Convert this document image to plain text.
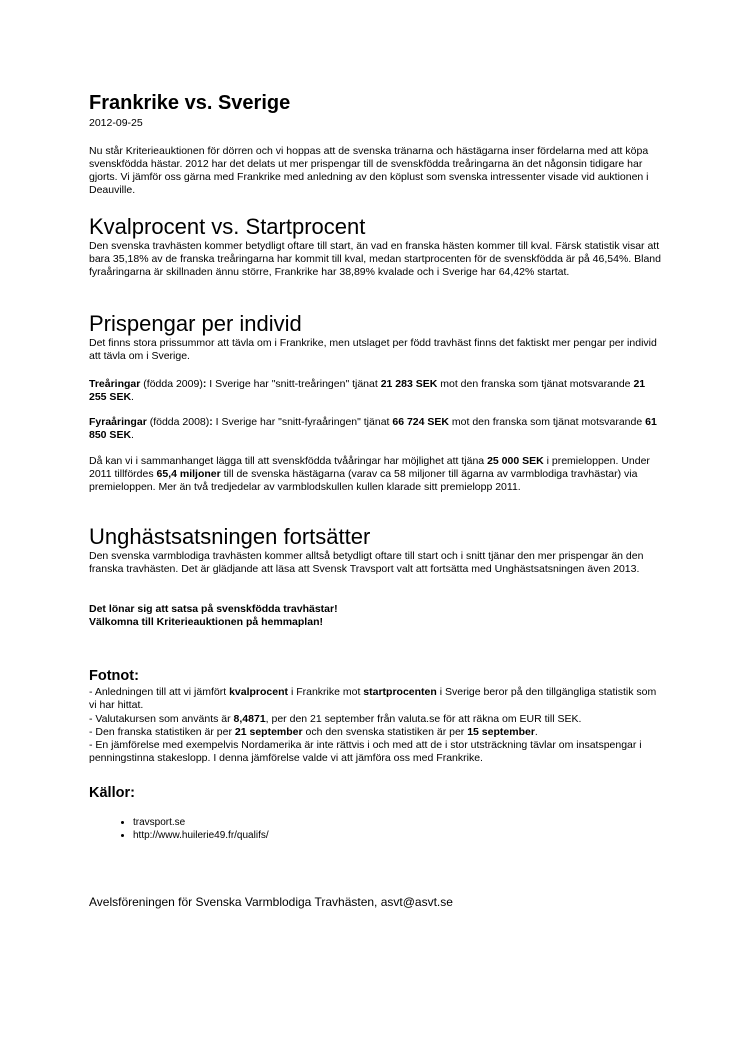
Frankrike vs. Sverige
2012-09-25

Nu står Kriterieauktionen för dörren och vi hoppas att de svenska tränarna och hästägarna inser fördelarna med att köpa svenskfödda hästar. 2012 har det delats ut mer prispengar till de svenskfödda treåringarna än det någonsin tidigare har gjorts. Vi jämför oss gärna med Frankrike med anledning av den köplust som svenska intressenter visade vid auktionen i Deauville.

Kvalprocent vs. Startprocent

Den svenska travhästen kommer betydligt oftare till start, än vad en franska hästen kommer till kval. Färsk statistik visar att bara 35,18% av de franska treåringarna har kommit till kval, medan startprocenten för de svenskfödda är på 46,54%. Bland fyraåringarna är skillnaden ännu större, Frankrike har 38,89% kvalade och i Sverige har 64,42% startat.

Prispengar per individ

Det finns stora prissummor att tävla om i Frankrike, men utslaget per född travhäst finns det faktiskt mer pengar per individ att tävla om i Sverige.

Treåringar (födda 2009): I Sverige har "snitt-treåringen" tjänat 21 283 SEK mot den franska som tjänat motsvarande 21 255 SEK.

Fyraåringar (födda 2008): I Sverige har "snitt-fyraåringen" tjänat 66 724 SEK mot den franska som tjänat motsvarande 61 850 SEK.

Då kan vi i sammanhanget lägga till att svenskfödda tvååringar har möjlighet att tjäna 25 000 SEK i premieloppen. Under 2011 tillfördes 65,4 miljoner till de svenska hästägarna (varav ca 58 miljoner till ägarna av varmblodiga travhästar) via premieloppen. Mer än två tredjedelar av varmblodskullen kullen klarade sitt premielopp 2011.

Unghästsatsningen fortsätter

Den svenska varmblodiga travhästen kommer alltså betydligt oftare till start och i snitt tjänar den mer prispengar än den franska travhästen. Det är glädjande att läsa att Svensk Travsport valt att fortsätta med Unghästsatsningen även 2013.

Det lönar sig att satsa på svenskfödda travhästar!
Välkomna till Kriterieauktionen på hemmaplan!

Fotnot:

- Anledningen till att vi jämfört kvalprocent i Frankrike mot startprocenten i Sverige beror på den tillgängliga statistik som vi har hittat.

- Valutakursen som använts är 8,4871, per den 21 september från valuta.se för att räkna om EUR till SEK.

- Den franska statistiken är per 21 september och den svenska statistiken är per 15 september.

- En jämförelse med exempelvis Nordamerika är inte rättvis i och med att de i stor utsträckning tävlar om insatspengar i penningstinna stakeslopp. I denna jämförelse valde vi att jämföra oss med Frankrike.

Källor:
• travsport.se
• http://www.huilerie49.fr/qualifs/
Avelsföreningen för Svenska Varmblodiga Travhästen, asvt@asvt.se
